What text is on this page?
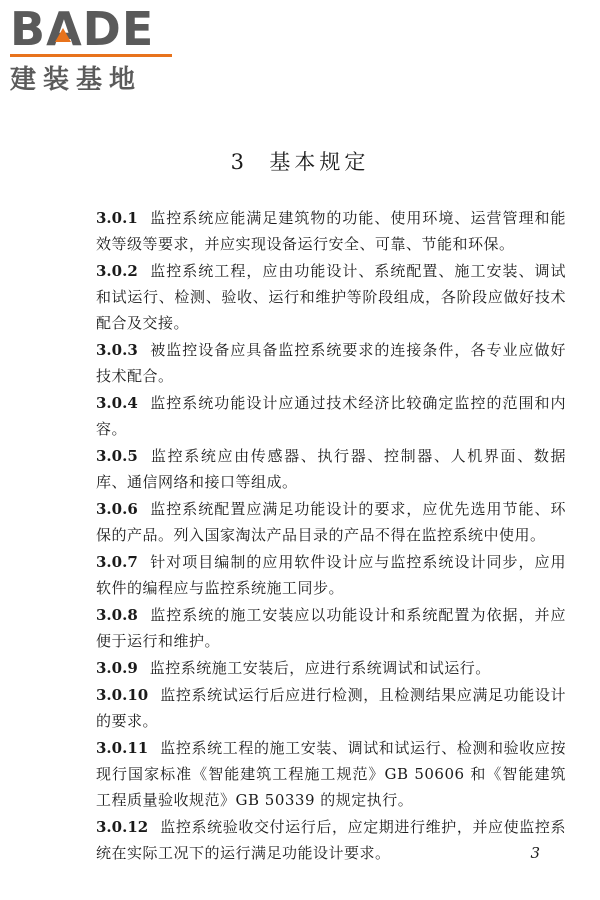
BA
DE
建装基地
3  基本规定

3.0.1 监控系统应能满足建筑物的功能、使用环境、运营管理和能效等级等要求，并应实现设备运行安全、可靠、节能和环保。

3.0.2 监控系统工程，应由功能设计、系统配置、施工安装、调试和试运行、检测、验收、运行和维护等阶段组成，各阶段应做好技术配合及交接。

3.0.3 被监控设备应具备监控系统要求的连接条件，各专业应做好技术配合。

3.0.4 监控系统功能设计应通过技术经济比较确定监控的范围和内容。

3.0.5 监控系统应由传感器、执行器、控制器、人机界面、数据库、通信网络和接口等组成。

3.0.6 监控系统配置应满足功能设计的要求，应优先选用节能、环保的产品。列入国家淘汰产品目录的产品不得在监控系统中使用。

3.0.7 针对项目编制的应用软件设计应与监控系统设计同步，应用软件的编程应与监控系统施工同步。

3.0.8 监控系统的施工安装应以功能设计和系统配置为依据，并应便于运行和维护。

3.0.9 监控系统施工安装后，应进行系统调试和试运行。

3.0.10 监控系统试运行后应进行检测，且检测结果应满足功能设计的要求。

3.0.11 监控系统工程的施工安装、调试和试运行、检测和验收应按现行国家标准《智能建筑工程施工规范》GB 50606 和《智能建筑工程质量验收规范》GB 50339 的规定执行。

3.0.12 监控系统验收交付运行后，应定期进行维护，并应使监控系统在实际工况下的运行满足功能设计要求。	3
